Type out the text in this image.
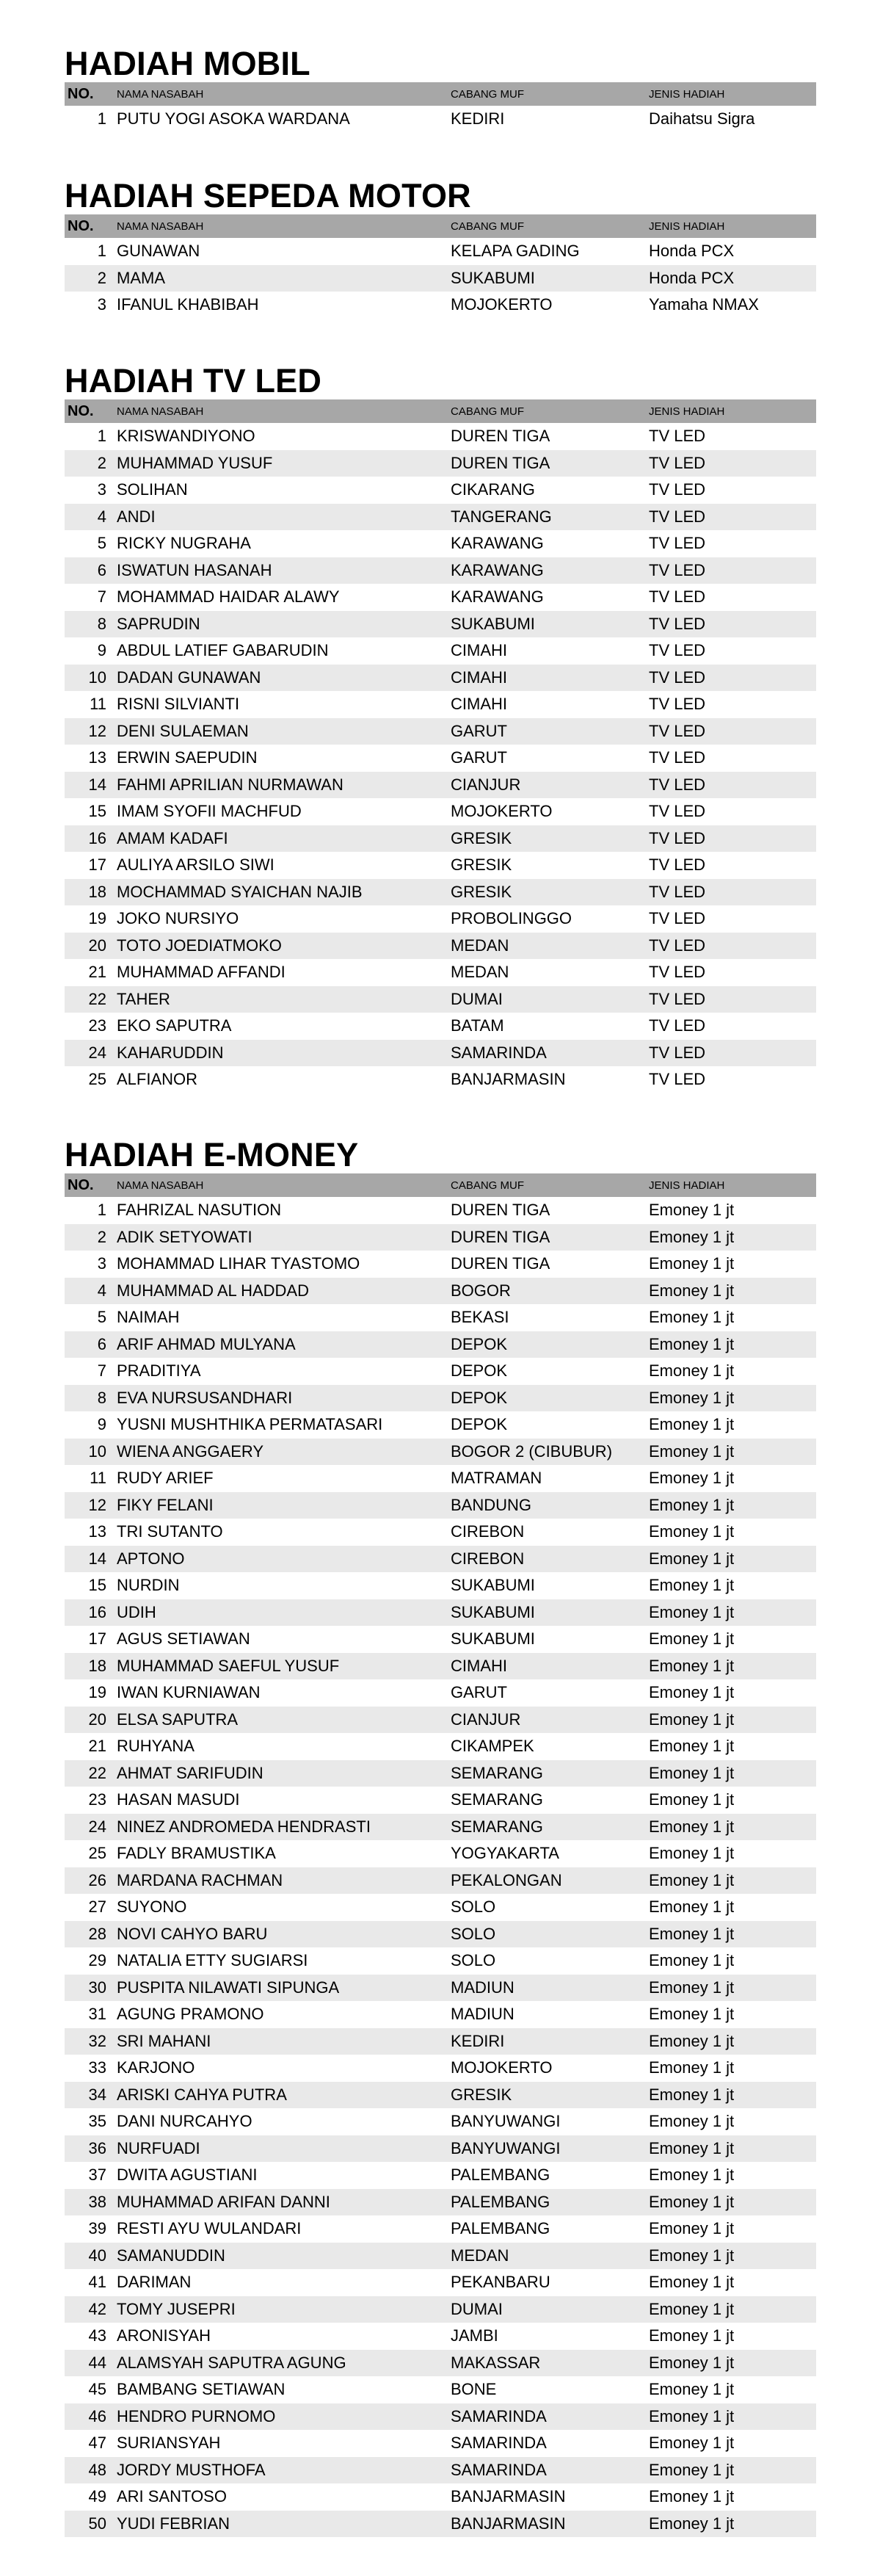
HADIAH MOBIL
NO.	NAMA NASABAH	CABANG MUF	JENIS HADIAH
1	PUTU YOGI ASOKA WARDANA	KEDIRI	Daihatsu Sigra
HADIAH SEPEDA MOTOR
NO.	NAMA NASABAH	CABANG MUF	JENIS HADIAH
1	GUNAWAN	KELAPA GADING	Honda PCX
2	MAMA	SUKABUMI	Honda PCX
3	IFANUL KHABIBAH	MOJOKERTO	Yamaha NMAX
HADIAH TV LED
NO.	NAMA NASABAH	CABANG MUF	JENIS HADIAH
1	KRISWANDIYONO	DUREN TIGA	TV LED
2	MUHAMMAD YUSUF	DUREN TIGA	TV LED
3	SOLIHAN	CIKARANG	TV LED
4	ANDI	TANGERANG	TV LED
5	RICKY NUGRAHA	KARAWANG	TV LED
6	ISWATUN HASANAH	KARAWANG	TV LED
7	MOHAMMAD HAIDAR ALAWY	KARAWANG	TV LED
8	SAPRUDIN	SUKABUMI	TV LED
9	ABDUL LATIEF GABARUDIN	CIMAHI	TV LED
10	DADAN GUNAWAN	CIMAHI	TV LED
11	RISNI SILVIANTI	CIMAHI	TV LED
12	DENI SULAEMAN	GARUT	TV LED
13	ERWIN SAEPUDIN	GARUT	TV LED
14	FAHMI APRILIAN NURMAWAN	CIANJUR	TV LED
15	IMAM SYOFII MACHFUD	MOJOKERTO	TV LED
16	AMAM KADAFI	GRESIK	TV LED
17	AULIYA ARSILO SIWI	GRESIK	TV LED
18	MOCHAMMAD SYAICHAN NAJIB	GRESIK	TV LED
19	JOKO NURSIYO	PROBOLINGGO	TV LED
20	TOTO JOEDIATMOKO	MEDAN	TV LED
21	MUHAMMAD AFFANDI	MEDAN	TV LED
22	TAHER	DUMAI	TV LED
23	EKO SAPUTRA	BATAM	TV LED
24	KAHARUDDIN	SAMARINDA	TV LED
25	ALFIANOR	BANJARMASIN	TV LED
HADIAH E-MONEY
NO.	NAMA NASABAH	CABANG MUF	JENIS HADIAH
1	FAHRIZAL NASUTION	DUREN TIGA	Emoney 1 jt
2	ADIK SETYOWATI	DUREN TIGA	Emoney 1 jt
3	MOHAMMAD LIHAR TYASTOMO	DUREN TIGA	Emoney 1 jt
4	MUHAMMAD AL HADDAD	BOGOR	Emoney 1 jt
5	NAIMAH	BEKASI	Emoney 1 jt
6	ARIF AHMAD MULYANA	DEPOK	Emoney 1 jt
7	PRADITIYA	DEPOK	Emoney 1 jt
8	EVA NURSUSANDHARI	DEPOK	Emoney 1 jt
9	YUSNI MUSHTHIKA PERMATASARI	DEPOK	Emoney 1 jt
10	WIENA ANGGAERY	BOGOR 2 (CIBUBUR)	Emoney 1 jt
11	RUDY ARIEF	MATRAMAN	Emoney 1 jt
12	FIKY FELANI	BANDUNG	Emoney 1 jt
13	TRI SUTANTO	CIREBON	Emoney 1 jt
14	APTONO	CIREBON	Emoney 1 jt
15	NURDIN	SUKABUMI	Emoney 1 jt
16	UDIH	SUKABUMI	Emoney 1 jt
17	AGUS SETIAWAN	SUKABUMI	Emoney 1 jt
18	MUHAMMAD SAEFUL YUSUF	CIMAHI	Emoney 1 jt
19	IWAN KURNIAWAN	GARUT	Emoney 1 jt
20	ELSA SAPUTRA	CIANJUR	Emoney 1 jt
21	RUHYANA	CIKAMPEK	Emoney 1 jt
22	AHMAT SARIFUDIN	SEMARANG	Emoney 1 jt
23	HASAN MASUDI	SEMARANG	Emoney 1 jt
24	NINEZ ANDROMEDA HENDRASTI	SEMARANG	Emoney 1 jt
25	FADLY BRAMUSTIKA	YOGYAKARTA	Emoney 1 jt
26	MARDANA RACHMAN	PEKALONGAN	Emoney 1 jt
27	SUYONO	SOLO	Emoney 1 jt
28	NOVI CAHYO BARU	SOLO	Emoney 1 jt
29	NATALIA ETTY SUGIARSI	SOLO	Emoney 1 jt
30	PUSPITA NILAWATI SIPUNGA	MADIUN	Emoney 1 jt
31	AGUNG PRAMONO	MADIUN	Emoney 1 jt
32	SRI MAHANI	KEDIRI	Emoney 1 jt
33	KARJONO	MOJOKERTO	Emoney 1 jt
34	ARISKI CAHYA PUTRA	GRESIK	Emoney 1 jt
35	DANI NURCAHYO	BANYUWANGI	Emoney 1 jt
36	NURFUADI	BANYUWANGI	Emoney 1 jt
37	DWITA AGUSTIANI	PALEMBANG	Emoney 1 jt
38	MUHAMMAD ARIFAN DANNI	PALEMBANG	Emoney 1 jt
39	RESTI AYU WULANDARI	PALEMBANG	Emoney 1 jt
40	SAMANUDDIN	MEDAN	Emoney 1 jt
41	DARIMAN	PEKANBARU	Emoney 1 jt
42	TOMY JUSEPRI	DUMAI	Emoney 1 jt
43	ARONISYAH	JAMBI	Emoney 1 jt
44	ALAMSYAH SAPUTRA AGUNG	MAKASSAR	Emoney 1 jt
45	BAMBANG SETIAWAN	BONE	Emoney 1 jt
46	HENDRO PURNOMO	SAMARINDA	Emoney 1 jt
47	SURIANSYAH	SAMARINDA	Emoney 1 jt
48	JORDY MUSTHOFA	SAMARINDA	Emoney 1 jt
49	ARI SANTOSO	BANJARMASIN	Emoney 1 jt
50	YUDI FEBRIAN	BANJARMASIN	Emoney 1 jt
